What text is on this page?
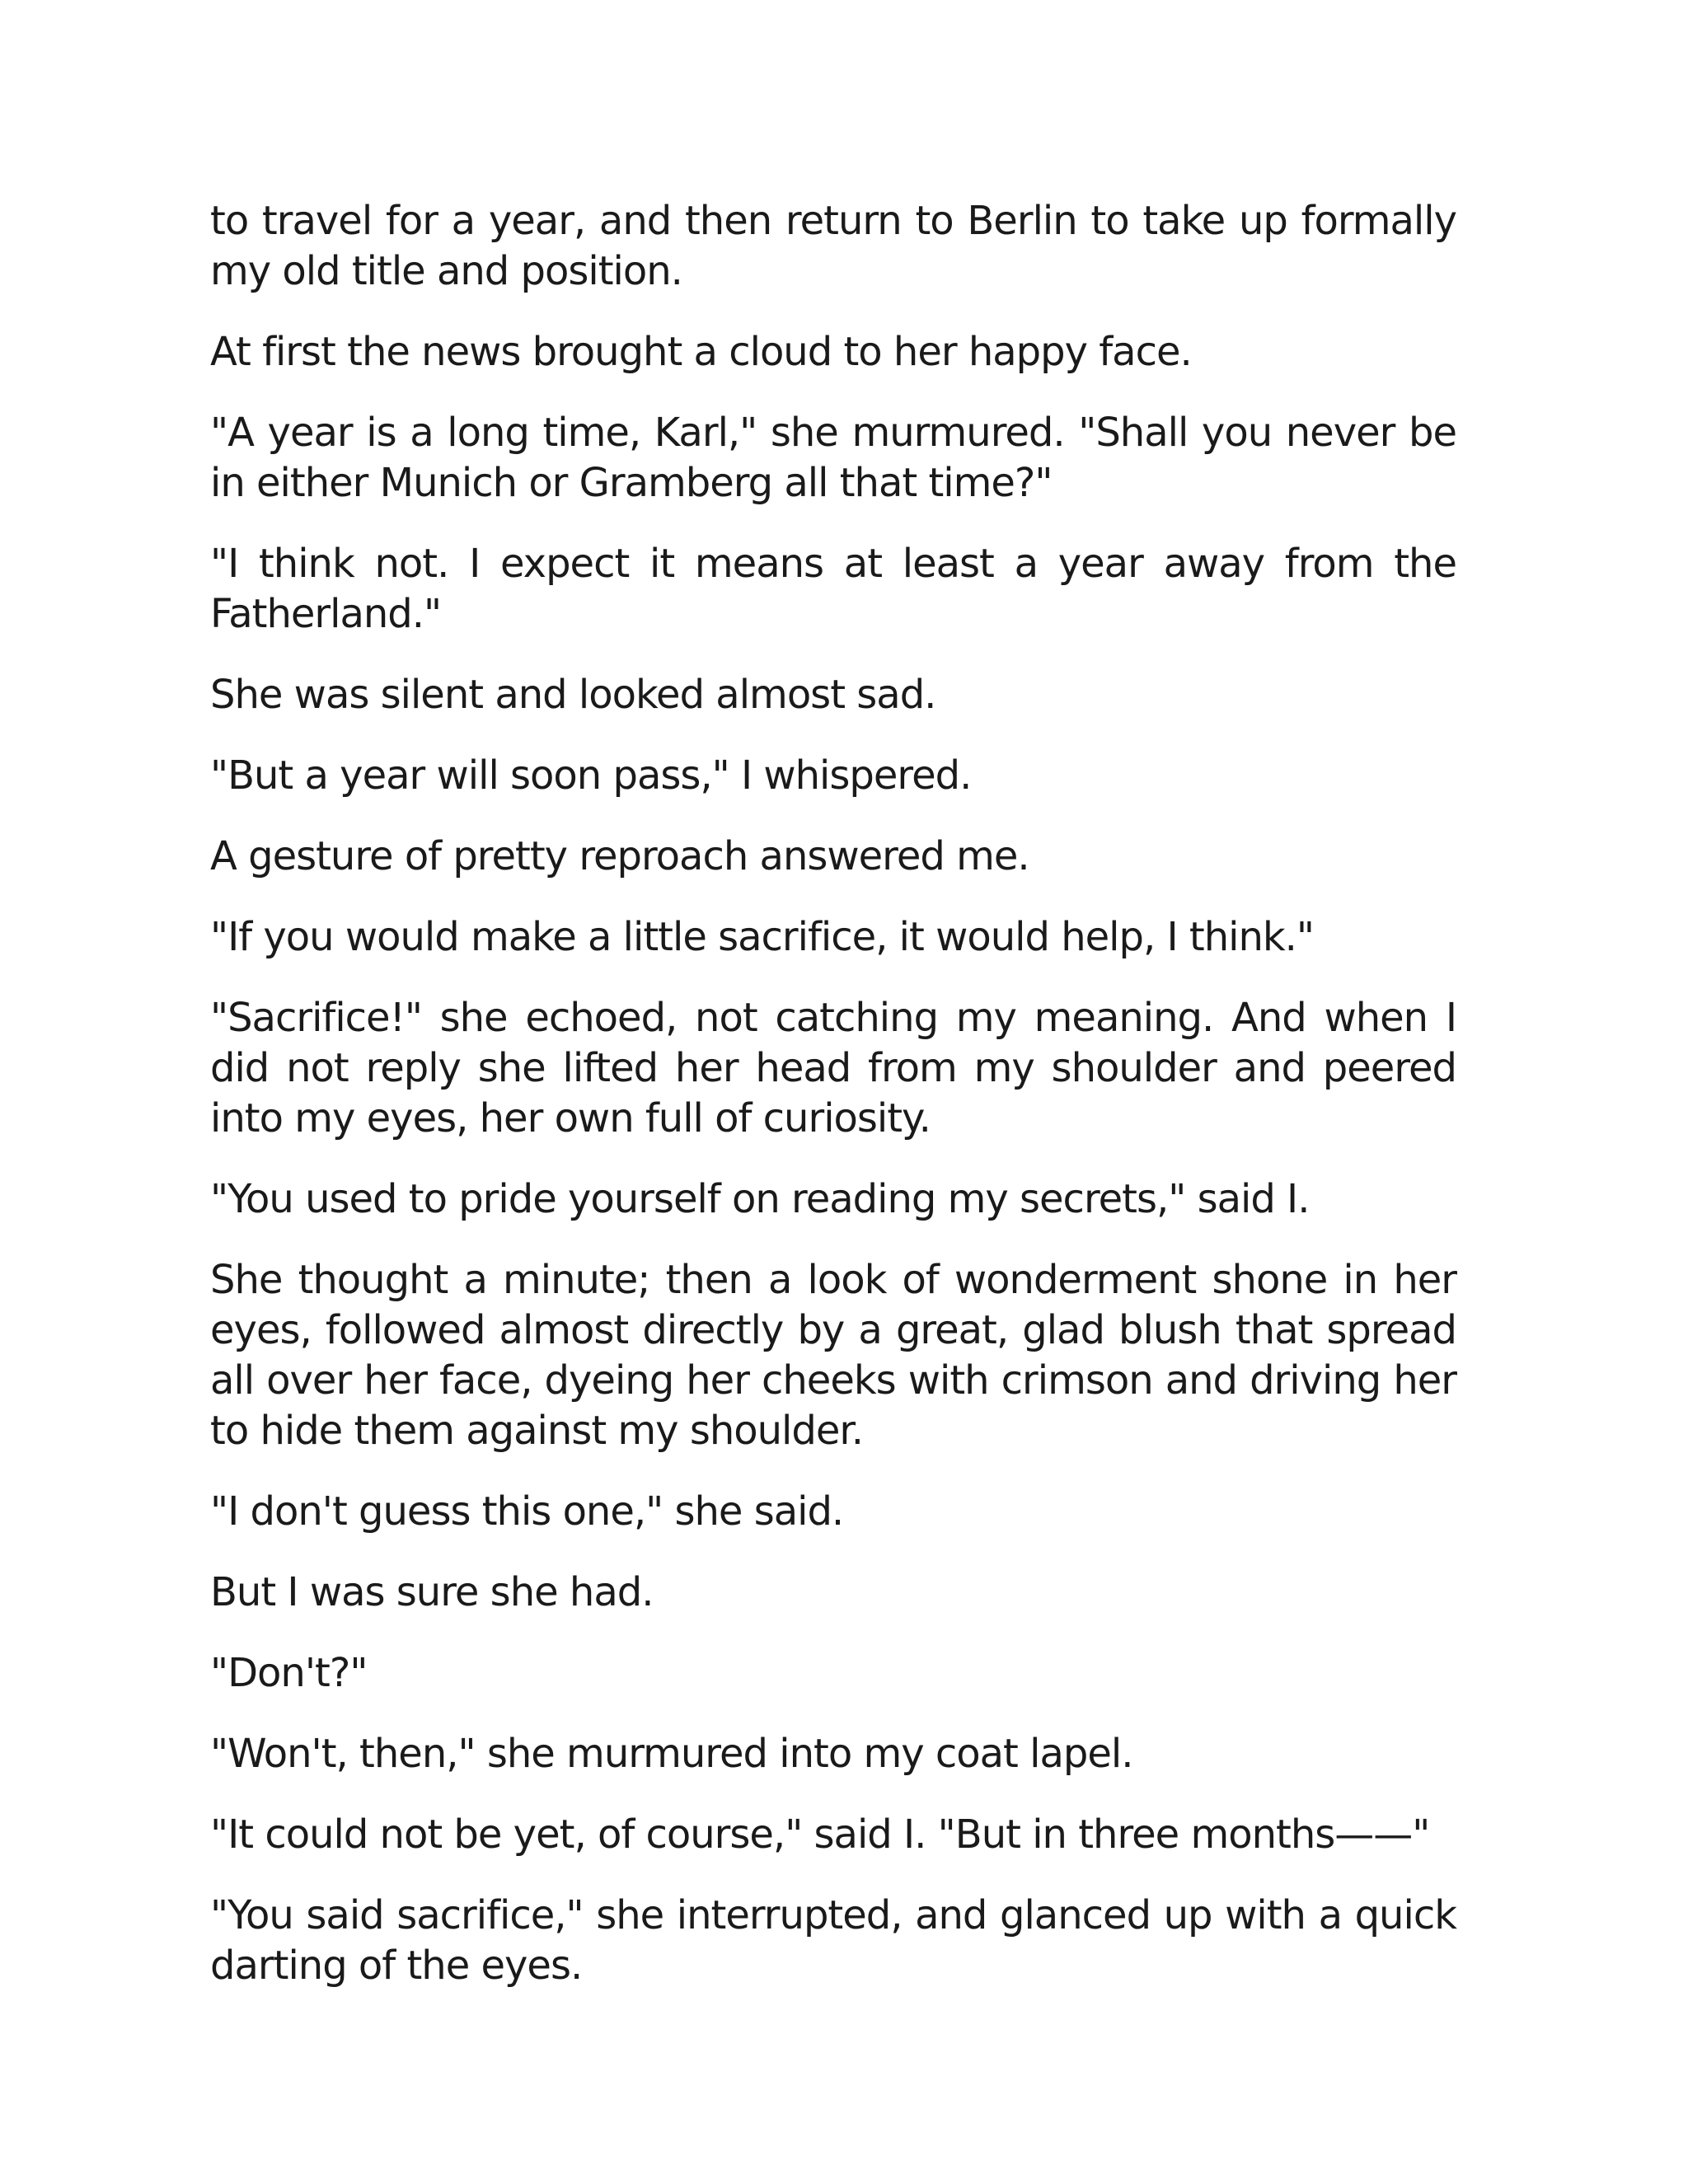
to travel for a year, and then return to Berlin to take up formally my old title and position.

At first the news brought a cloud to her happy face.

"A year is a long time, Karl," she murmured. "Shall you never be in either Munich or Gramberg all that time?"

"I think not. I expect it means at least a year away from the Fatherland."

She was silent and looked almost sad.

"But a year will soon pass," I whispered.

A gesture of pretty reproach answered me.

"If you would make a little sacrifice, it would help, I think."

"Sacrifice!" she echoed, not catching my meaning. And when I did not reply she lifted her head from my shoulder and peered into my eyes, her own full of curiosity.

"You used to pride yourself on reading my secrets," said I.

She thought a minute; then a look of wonderment shone in her eyes, followed almost directly by a great, glad blush that spread all over her face, dyeing her cheeks with crimson and driving her to hide them against my shoulder.

"I don't guess this one," she said.

But I was sure she had.

"Don't?"

"Won't, then," she murmured into my coat lapel.

"It could not be yet, of course," said I. "But in three months——"

"You said sacrifice," she interrupted, and glanced up with a quick darting of the eyes.
